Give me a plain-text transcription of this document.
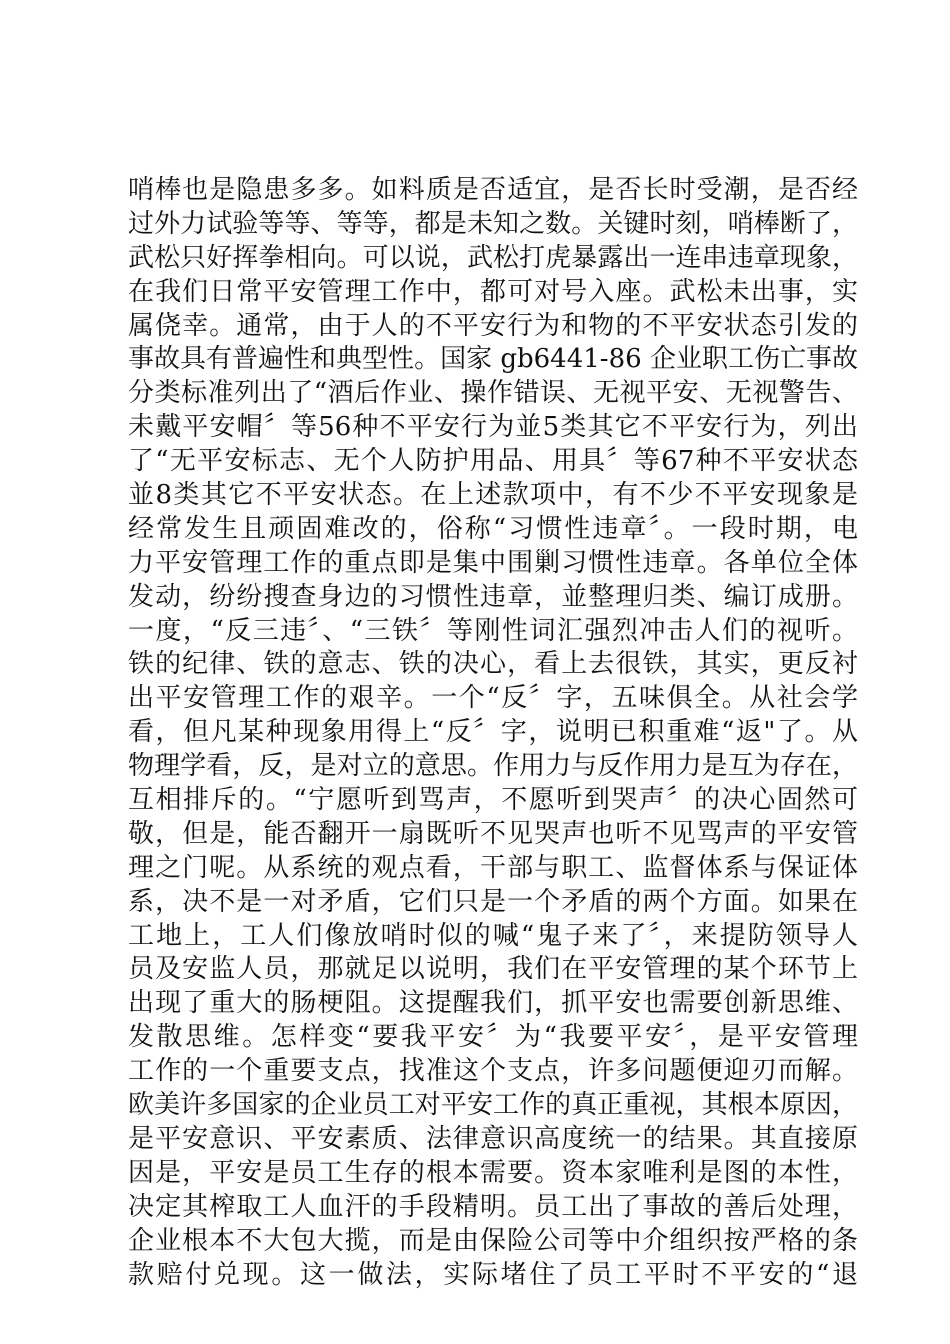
哨棒也是隐患多多。如料质是否适宜，是否长时受潮，是否经
过外力试验等等、等等，都是未知之数。关键时刻，哨棒断了，
武松只好挥拳相向。可以说，武松打虎暴露出一连串违章现象，
在我们日常平安管理工作中，都可对号入座。武松未出事，实
属侥幸。通常，由于人的不平安行为和物的不平安状态引发的
事故具有普遍性和典型性。国家 gb6441-86 企业职工伤亡事故
分类标准列出了“酒后作业、操作错误、无视平安、无视警告、
未戴平安帽〞等56种不平安行为並5类其它不平安行为，列出
了“无平安标志、无个人防护用品、用具〞等67种不平安状态
並8类其它不平安状态。在上述款项中，有不少不平安现象是
经常发生且顽固难改的，俗称“习惯性违章〞。一段时期，电
力平安管理工作的重点即是集中围剿习惯性违章。各单位全体
发动，纷纷搜查身边的习惯性违章，並整理归类、编订成册。
一度，“反三违〞、“三铁〞等刚性词汇强烈冲击人们的视听。
铁的纪律、铁的意志、铁的决心，看上去很铁，其实，更反衬
出平安管理工作的艰辛。一个“反〞字，五味俱全。从社会学
看，但凡某种现象用得上“反〞字，说明已积重难“返"了。从
物理学看，反，是对立的意思。作用力与反作用力是互为存在，
互相排斥的。“宁愿听到骂声，不愿听到哭声〞的决心固然可
敬，但是，能否翻开一扇既听不见哭声也听不见骂声的平安管
理之门呢。从系统的观点看，干部与职工、监督体系与保证体
系，决不是一对矛盾，它们只是一个矛盾的两个方面。如果在
工地上，工人们像放哨时似的喊“鬼子来了〞，来提防领导人
员及安监人员，那就足以说明，我们在平安管理的某个环节上
出现了重大的肠梗阻。这提醒我们，抓平安也需要创新思维、
发散思维。怎样变“要我平安〞为“我要平安〞，是平安管理
工作的一个重要支点，找准这个支点，许多问题便迎刃而解。
欧美许多国家的企业员工对平安工作的真正重视，其根本原因，
是平安意识、平安素质、法律意识高度统一的结果。其直接原
因是，平安是员工生存的根本需要。资本家唯利是图的本性，
决定其榨取工人血汗的手段精明。员工出了事故的善后处理，
企业根本不大包大揽，而是由保险公司等中介组织按严格的条
款赔付兑现。这一做法，实际堵住了员工平时不平安的“退
